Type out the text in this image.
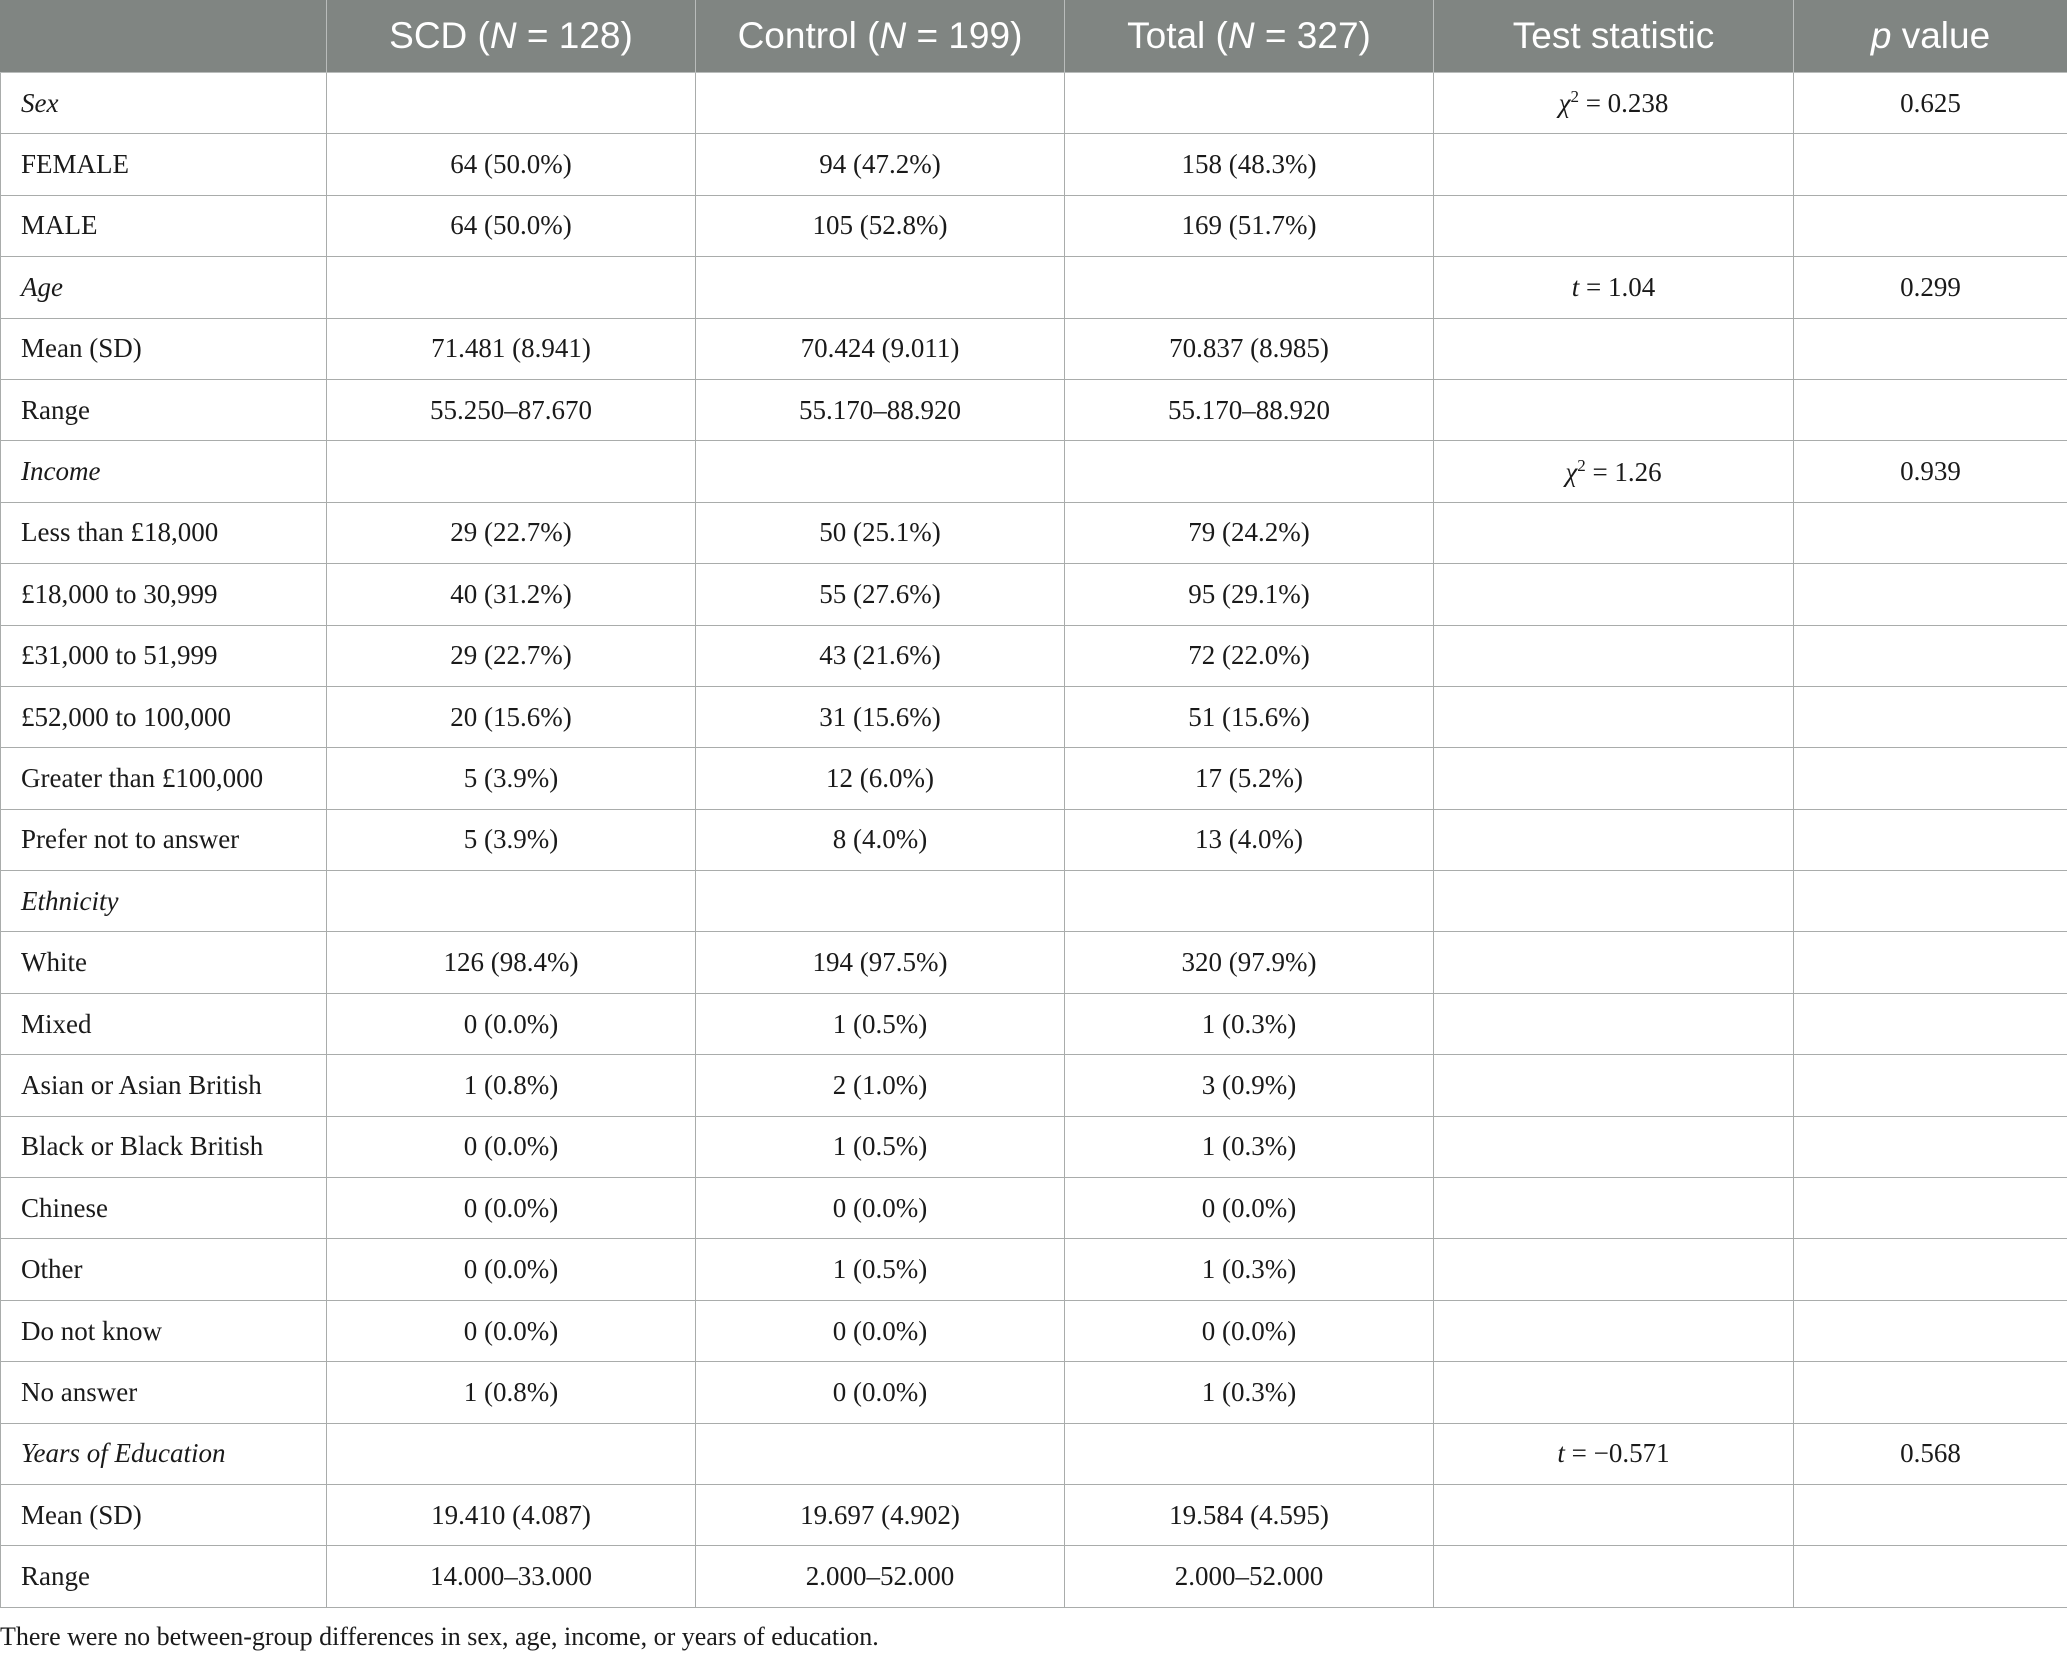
	SCD (N = 128)	Control (N = 199)	Total (N = 327)	Test statistic	p value
Sex				$\chi^2 = 0.238$	0.625
FEMALE	64 (50.0%)	94 (47.2%)	158 (48.3%)		
MALE	64 (50.0%)	105 (52.8%)	169 (51.7%)		
Age				t = 1.04	0.299
Mean (SD)	71.481 (8.941)	70.424 (9.011)	70.837 (8.985)		
Range	55.250–87.670	55.170–88.920	55.170–88.920		
Income				$\chi^2 = 1.26$	0.939
Less than £18,000	29 (22.7%)	50 (25.1%)	79 (24.2%)		
£18,000 to 30,999	40 (31.2%)	55 (27.6%)	95 (29.1%)		
£31,000 to 51,999	29 (22.7%)	43 (21.6%)	72 (22.0%)		
£52,000 to 100,000	20 (15.6%)	31 (15.6%)	51 (15.6%)		
Greater than £100,000	5 (3.9%)	12 (6.0%)	17 (5.2%)		
Prefer not to answer	5 (3.9%)	8 (4.0%)	13 (4.0%)		
Ethnicity					
White	126 (98.4%)	194 (97.5%)	320 (97.9%)		
Mixed	0 (0.0%)	1 (0.5%)	1 (0.3%)		
Asian or Asian British	1 (0.8%)	2 (1.0%)	3 (0.9%)		
Black or Black British	0 (0.0%)	1 (0.5%)	1 (0.3%)		
Chinese	0 (0.0%)	0 (0.0%)	0 (0.0%)		
Other	0 (0.0%)	1 (0.5%)	1 (0.3%)		
Do not know	0 (0.0%)	0 (0.0%)	0 (0.0%)		
No answer	1 (0.8%)	0 (0.0%)	1 (0.3%)		
Years of Education				t = −0.571	0.568
Mean (SD)	19.410 (4.087)	19.697 (4.902)	19.584 (4.595)		
Range	14.000–33.000	2.000–52.000	2.000–52.000		
There were no between-group differences in sex, age, income, or years of education.
